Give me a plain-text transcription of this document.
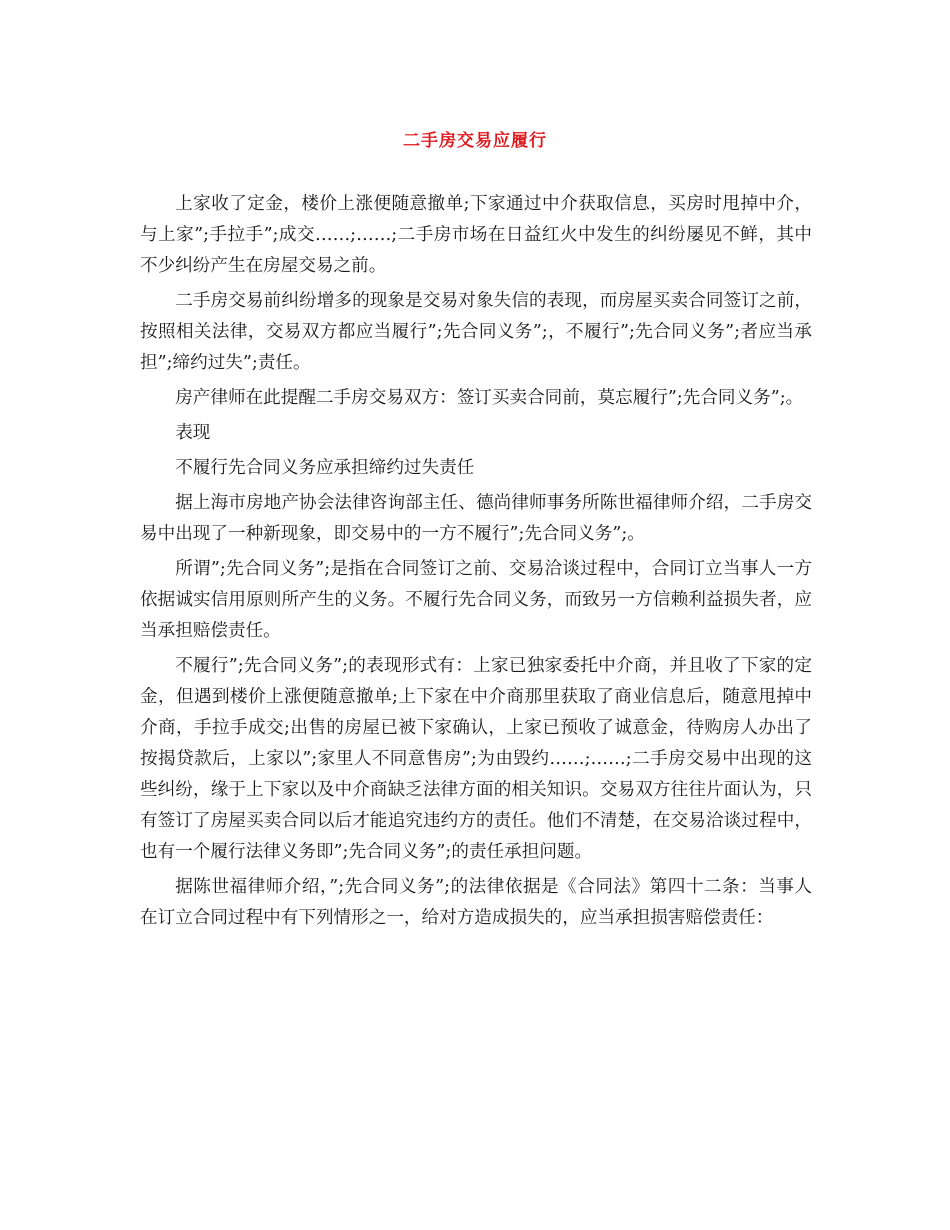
二手房交易应履行

上家收了定金，楼价上涨便随意撤单;下家通过中介获取信息，买房时甩掉中介，与上家”;手拉手”;成交……;……;二手房市场在日益红火中发生的纠纷屡见不鲜，其中不少纠纷产生在房屋交易之前。

二手房交易前纠纷增多的现象是交易对象失信的表现，而房屋买卖合同签订之前，按照相关法律，交易双方都应当履行”;先合同义务”;，不履行”;先合同义务”;者应当承担”;缔约过失”;责任。

房产律师在此提醒二手房交易双方：签订买卖合同前，莫忘履行”;先合同义务”;。

表现

不履行先合同义务应承担缔约过失责任

据上海市房地产协会法律咨询部主任、德尚律师事务所陈世福律师介绍，二手房交易中出现了一种新现象，即交易中的一方不履行”;先合同义务”;。

所谓”;先合同义务”;是指在合同签订之前、交易洽谈过程中，合同订立当事人一方依据诚实信用原则所产生的义务。不履行先合同义务，而致另一方信赖利益损失者，应当承担赔偿责任。

不履行”;先合同义务”;的表现形式有：上家已独家委托中介商，并且收了下家的定金，但遇到楼价上涨便随意撤单;上下家在中介商那里获取了商业信息后，随意甩掉中介商，手拉手成交;出售的房屋已被下家确认，上家已预收了诚意金，待购房人办出了按揭贷款后，上家以”;家里人不同意售房”;为由毁约……;……;二手房交易中出现的这些纠纷，缘于上下家以及中介商缺乏法律方面的相关知识。交易双方往往片面认为，只有签订了房屋买卖合同以后才能追究违约方的责任。他们不清楚，在交易洽谈过程中，也有一个履行法律义务即”;先合同义务”;的责任承担问题。

据陈世福律师介绍，”;先合同义务”;的法律依据是《合同法》第四十二条：当事人在订立合同过程中有下列情形之一，给对方造成损失的，应当承担损害赔偿责任：
